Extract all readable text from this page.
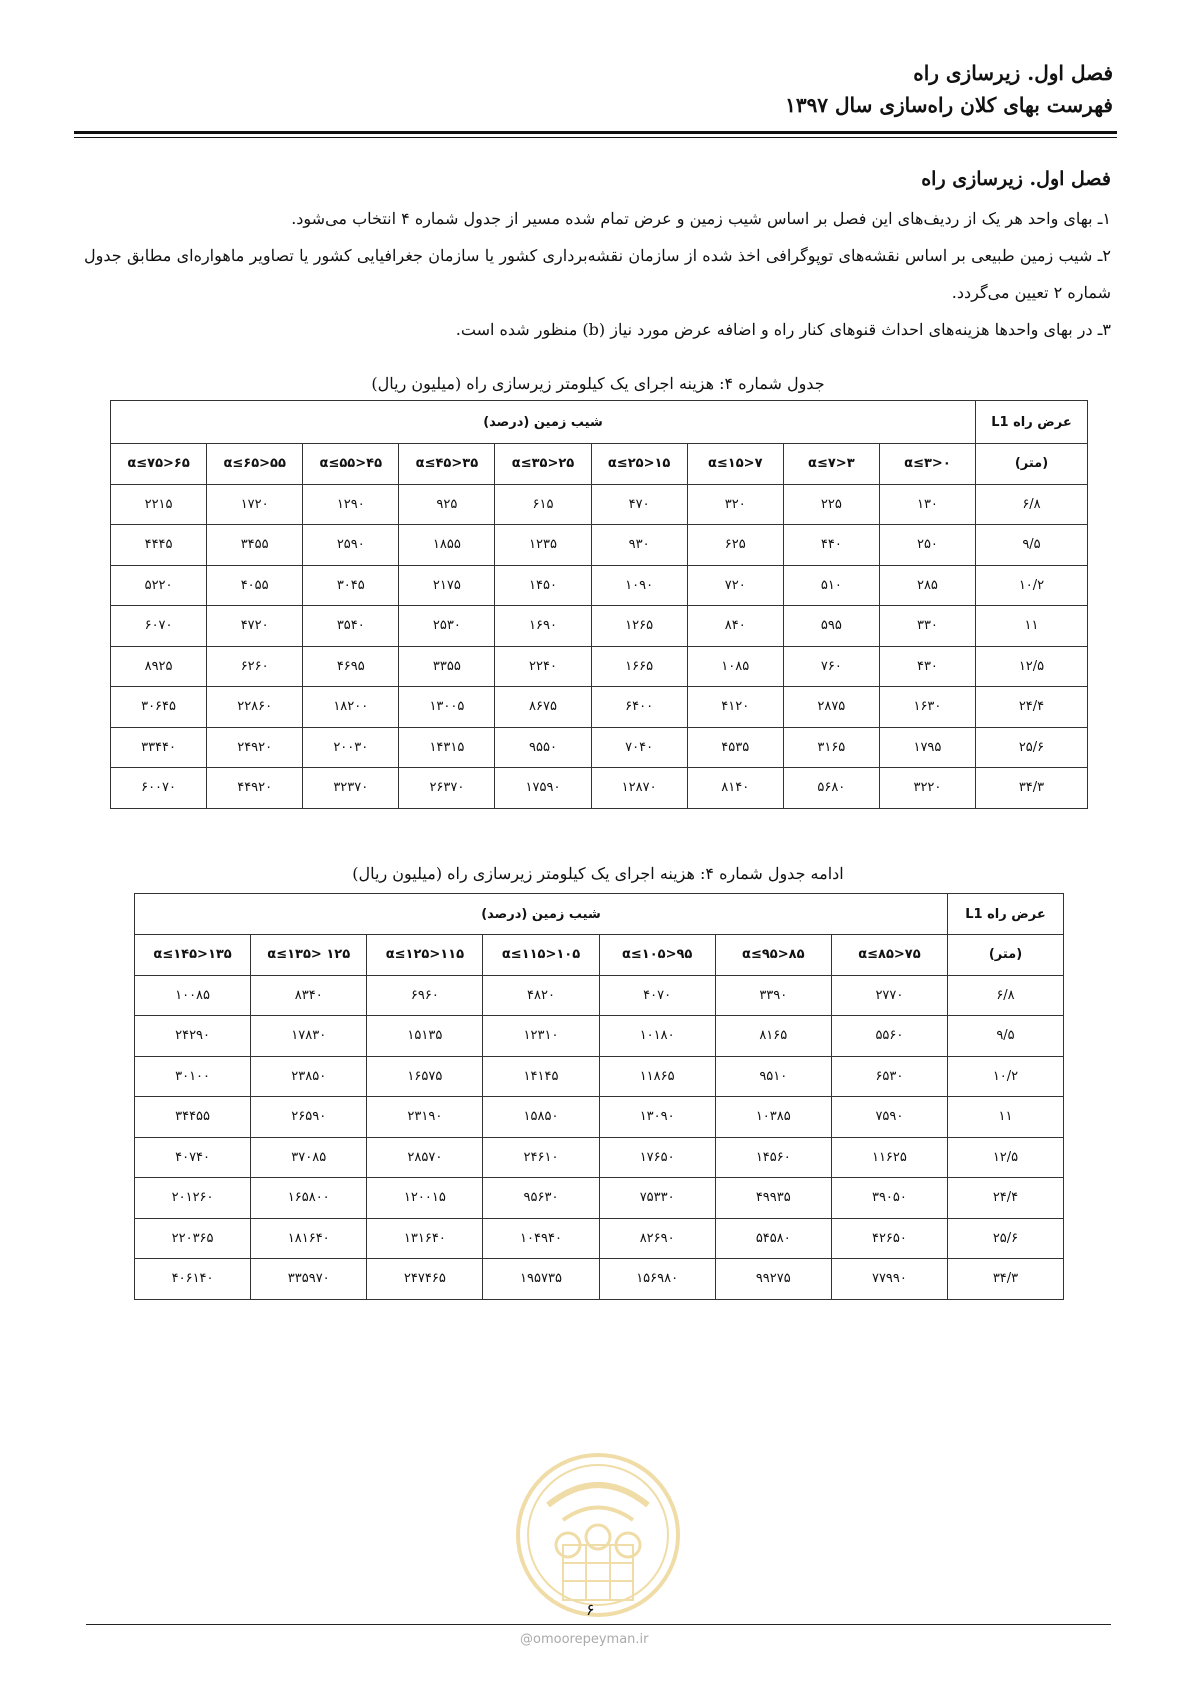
فصل اول. زیرسازی راه
فهرست بهای کلان راه‌سازی سال ۱۳۹۷
فصل اول. زیرسازی راه

۱ـ بهای واحد هر یک از ردیف‌های این فصل بر اساس شیب زمین و عرض تمام شده مسیر از جدول شماره ۴ انتخاب می‌شود.

۲ـ شیب زمین طبیعی بر اساس نقشه‌های توپوگرافی اخذ شده از سازمان نقشه‌برداری کشور یا سازمان جغرافیایی کشور یا تصاویر ماهواره‌ای مطابق جدول شماره ۲ تعیین می‌گردد.

۳ـ در بهای واحدها هزینه‌های احداث قنوهای کنار راه و اضافه عرض مورد نیاز (b) منظور شده است.

جدول شماره ۴: هزینه اجرای یک کیلومتر زیرسازی راه (میلیون ریال)
عرض راه L1	شیب زمین (درصد)								
(متر)	۰<α≤۳	۳<α≤۷	۷<α≤۱۵	۱۵<α≤۲۵	۲۵<α≤۳۵	۳۵<α≤۴۵	۴۵<α≤۵۵	۵۵<α≤۶۵	۶۵<α≤۷۵
۶/۸	۱۳۰	۲۲۵	۳۲۰	۴۷۰	۶۱۵	۹۲۵	۱۲۹۰	۱۷۲۰	۲۲۱۵
۹/۵	۲۵۰	۴۴۰	۶۲۵	۹۳۰	۱۲۳۵	۱۸۵۵	۲۵۹۰	۳۴۵۵	۴۴۴۵
۱۰/۲	۲۸۵	۵۱۰	۷۲۰	۱۰۹۰	۱۴۵۰	۲۱۷۵	۳۰۴۵	۴۰۵۵	۵۲۲۰
۱۱	۳۳۰	۵۹۵	۸۴۰	۱۲۶۵	۱۶۹۰	۲۵۳۰	۳۵۴۰	۴۷۲۰	۶۰۷۰
۱۲/۵	۴۳۰	۷۶۰	۱۰۸۵	۱۶۶۵	۲۲۴۰	۳۳۵۵	۴۶۹۵	۶۲۶۰	۸۹۲۵
۲۴/۴	۱۶۳۰	۲۸۷۵	۴۱۲۰	۶۴۰۰	۸۶۷۵	۱۳۰۰۵	۱۸۲۰۰	۲۲۸۶۰	۳۰۶۴۵
۲۵/۶	۱۷۹۵	۳۱۶۵	۴۵۳۵	۷۰۴۰	۹۵۵۰	۱۴۳۱۵	۲۰۰۳۰	۲۴۹۲۰	۳۳۴۴۰
۳۴/۳	۳۲۲۰	۵۶۸۰	۸۱۴۰	۱۲۸۷۰	۱۷۵۹۰	۲۶۳۷۰	۳۲۳۷۰	۴۴۹۲۰	۶۰۰۷۰
ادامه جدول شماره ۴: هزینه اجرای یک کیلومتر زیرسازی راه (میلیون ریال)
عرض راه L1	شیب زمین (درصد)						
(متر)	۷۵<α≤۸۵	۸۵<α≤۹۵	۹۵<α≤۱۰۵	۱۰۵<α≤۱۱۵	۱۱۵<α≤۱۲۵	۱۲۵ <α≤۱۳۵	۱۳۵<α≤۱۴۵
۶/۸	۲۷۷۰	۳۳۹۰	۴۰۷۰	۴۸۲۰	۶۹۶۰	۸۳۴۰	۱۰۰۸۵
۹/۵	۵۵۶۰	۸۱۶۵	۱۰۱۸۰	۱۲۳۱۰	۱۵۱۳۵	۱۷۸۳۰	۲۴۲۹۰
۱۰/۲	۶۵۳۰	۹۵۱۰	۱۱۸۶۵	۱۴۱۴۵	۱۶۵۷۵	۲۳۸۵۰	۳۰۱۰۰
۱۱	۷۵۹۰	۱۰۳۸۵	۱۳۰۹۰	۱۵۸۵۰	۲۳۱۹۰	۲۶۵۹۰	۳۴۴۵۵
۱۲/۵	۱۱۶۲۵	۱۴۵۶۰	۱۷۶۵۰	۲۴۶۱۰	۲۸۵۷۰	۳۷۰۸۵	۴۰۷۴۰
۲۴/۴	۳۹۰۵۰	۴۹۹۳۵	۷۵۳۳۰	۹۵۶۳۰	۱۲۰۰۱۵	۱۶۵۸۰۰	۲۰۱۲۶۰
۲۵/۶	۴۲۶۵۰	۵۴۵۸۰	۸۲۶۹۰	۱۰۴۹۴۰	۱۳۱۶۴۰	۱۸۱۶۴۰	۲۲۰۳۶۵
۳۴/۳	۷۷۹۹۰	۹۹۲۷۵	۱۵۶۹۸۰	۱۹۵۷۳۵	۲۴۷۴۶۵	۳۳۵۹۷۰	۴۰۶۱۴۰
۶
@omoorepeyman.ir
